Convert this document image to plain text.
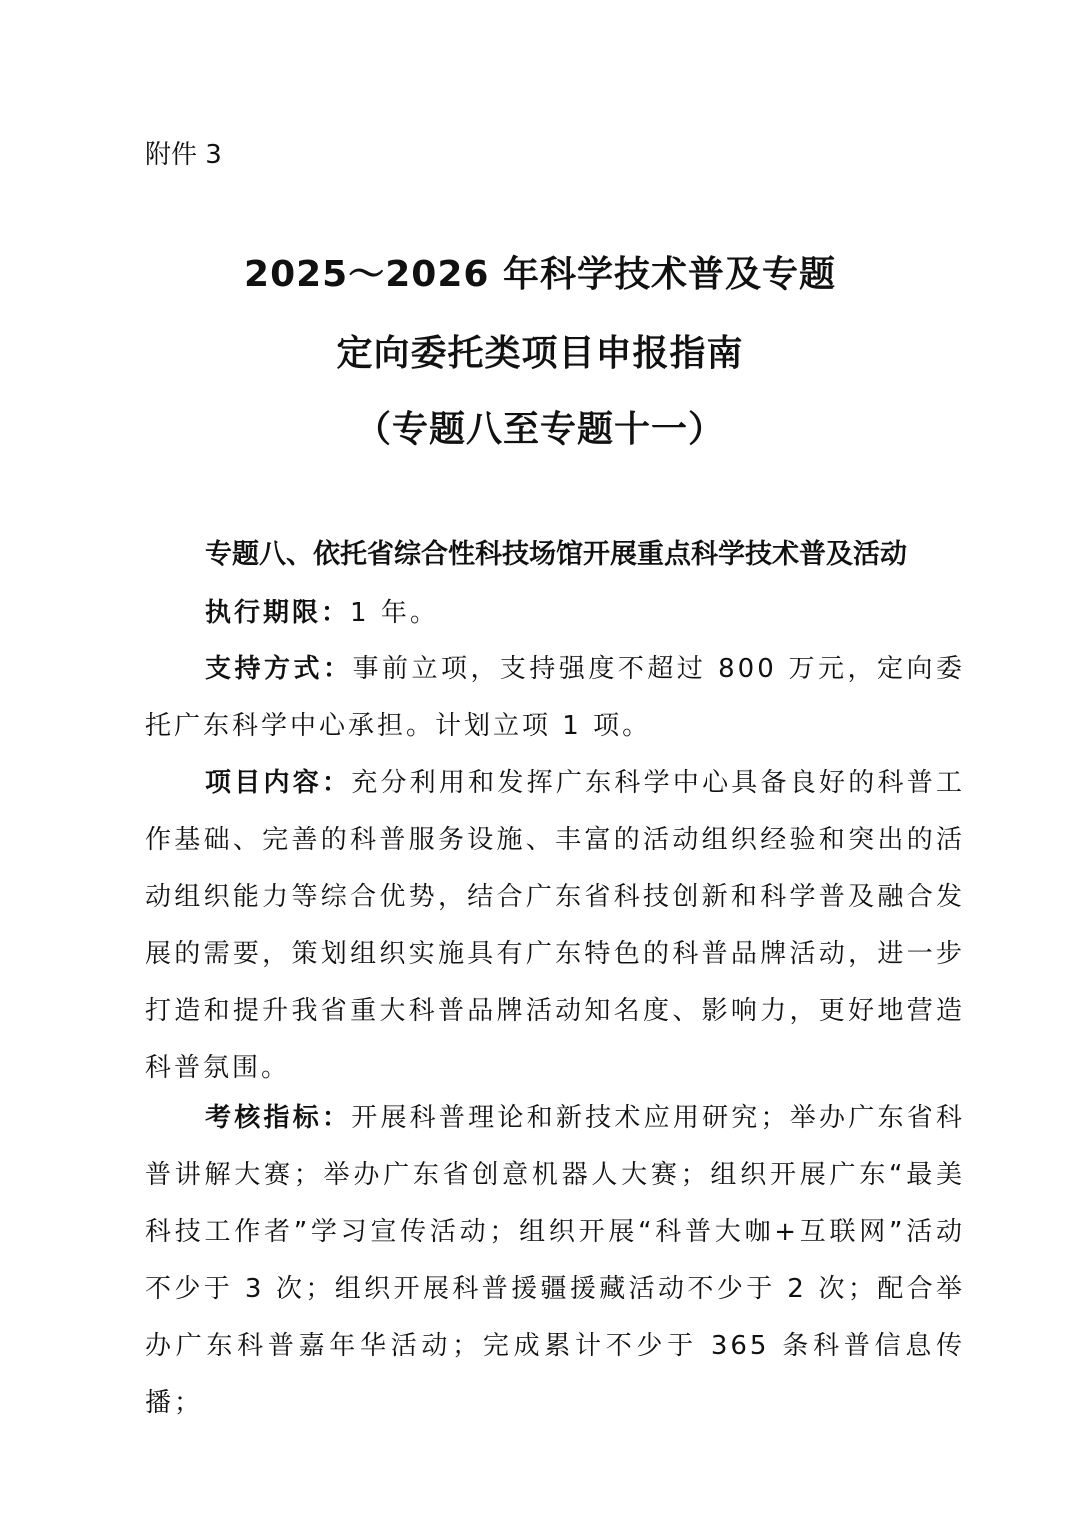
附件 3
2025～2026 年科学技术普及专题
定向委托类项目申报指南
（专题八至专题十一）
专题八、依托省综合性科技场馆开展重点科学技术普及活动
执行期限：1 年。
支持方式：事前立项，支持强度不超过 800 万元，定向委托广东科学中心承担。计划立项 1 项。
项目内容：充分利用和发挥广东科学中心具备良好的科普工作基础、完善的科普服务设施、丰富的活动组织经验和突出的活动组织能力等综合优势，结合广东省科技创新和科学普及融合发展的需要，策划组织实施具有广东特色的科普品牌活动，进一步打造和提升我省重大科普品牌活动知名度、影响力，更好地营造科普氛围。
考核指标：开展科普理论和新技术应用研究；举办广东省科普讲解大赛；举办广东省创意机器人大赛；组织开展广东“最美科技工作者”学习宣传活动；组织开展“科普大咖+互联网”活动不少于 3 次；组织开展科普援疆援藏活动不少于 2 次；配合举办广东科普嘉年华活动；完成累计不少于 365 条科普信息传播；
